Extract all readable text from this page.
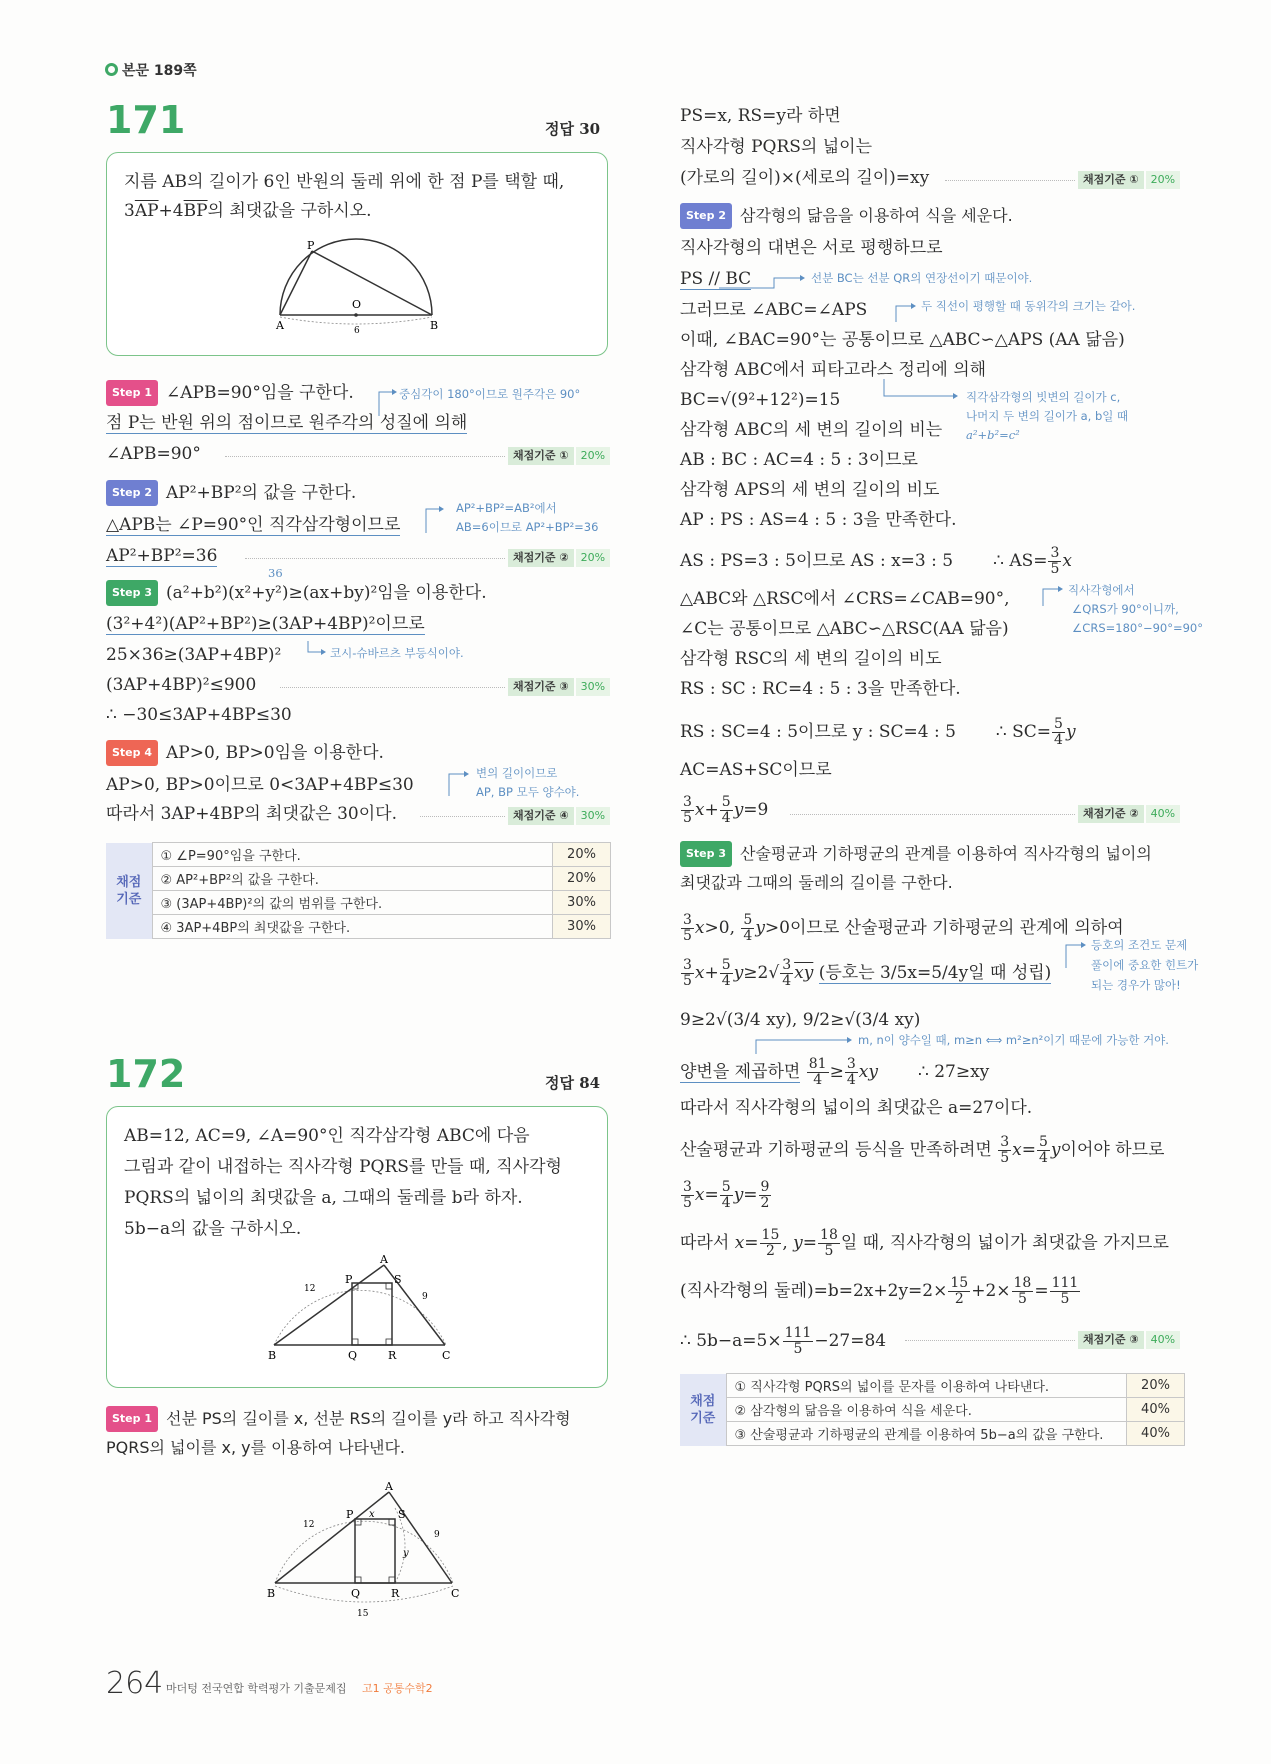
본문 189쪽
171	정답 30
지름 AB의 길이가 6인 반원의 둘레 위에 한 점 P를 택할 때,
$3\overline{AP}+4\overline{BP}$의 최댓값을 구하시오.
P
O
A	B
6
Step 1 ∠APB=90°임을 구한다.	중심각이 180°이므로 원주각은 90°
점 P는 반원 위의 점이므로 원주각의 성질에 의해
∠APB=90°	채점기준 ① 20%
Step 2 AP²+BP²의 값을 구한다.
△APB는 ∠P=90°인 직각삼각형이므로
AP²+BP²=AB²에서
AB=6이므로 AP²+BP²=36
AP²+BP²=36	채점기준 ② 20%
36
Step 3 (a²+b²)(x²+y²)≥(ax+by)²임을 이용한다.
(3²+4²)(AP²+BP²)≥(3AP+4BP)²이므로
25×36≥(3AP+4BP)²	코시-슈바르츠 부등식이야.
(3AP+4BP)²≤900	채점기준 ③ 30%
∴ −30≤3AP+4BP≤30
Step 4 AP>0, BP>0임을 이용한다.
AP>0, BP>0이므로 0<3AP+4BP≤30
변의 길이이므로
AP, BP 모두 양수야.
따라서 3AP+4BP의 최댓값은 30이다.	채점기준 ④ 30%
채점 기준	① ∠P=90°임을 구한다.	20%
	② AP²+BP²의 값을 구한다.	20%
	③ (3AP+4BP)²의 값의 범위를 구한다.	30%
	④ 3AP+4BP의 최댓값을 구한다.	30%
172	정답 84
AB=12, AC=9, ∠A=90°인 직각삼각형 ABC에 다음
그림과 같이 내접하는 직사각형 PQRS를 만들 때, 직사각형
PQRS의 넓이의 최댓값을 a, 그때의 둘레를 b라 하자.
5b−a의 값을 구하시오.
A
P	S
B	Q	R	C
12
9
Step 1 선분 PS의 길이를 x, 선분 RS의 길이를 y라 하고 직사각형
PQRS의 넓이를 x, y를 이용하여 나타낸다.
A
P x S
12
9
y
B	Q	R	C
15
PS=x, RS=y라 하면
직사각형 PQRS의 넓이는
(가로의 길이)×(세로의 길이)=xy	채점기준 ① 20%
Step 2 삼각형의 닮음을 이용하여 식을 세운다.
직사각형의 대변은 서로 평행하므로
PS // BC	선분 BC는 선분 QR의 연장선이기 때문이야.
그러므로 ∠ABC=∠APS	두 직선이 평행할 때 동위각의 크기는 같아.
이때, ∠BAC=90°는 공통이므로 △ABC∽△APS (AA 닮음)
삼각형 ABC에서 피타고라스 정리에 의해
BC=√(9²+12²)=15	직각삼각형의 빗변의 길이가 c,
나머지 두 변의 길이가 a, b일 때
a²+b²=c²
삼각형 ABC의 세 변의 길이의 비는
AB : BC : AC=4 : 5 : 3이므로
삼각형 APS의 세 변의 길이의 비도
AP : PS : AS=4 : 5 : 3을 만족한다.
AS : PS=3 : 5이므로 AS : x=3 : 5 ∴ $AS= \frac{3}{5}$ x
△ABC와 △RSC에서 ∠CRS=∠CAB=90°,	직사각형에서
∠QRS가 90°이니까,
∠CRS=180°−90°=90°
∠C는 공통이므로 △ABC∽△RSC(AA 닮음)
삼각형 RSC의 세 변의 길이의 비도
RS : SC : RC=4 : 5 : 3을 만족한다.
RS : SC=4 : 5이므로 y : SC=4 : 5 ∴ $SC= \frac{5}{4}$ y
AC=AS+SC이므로
$\frac{3}{5} x+ \frac{5}{4} y=9$	채점기준 ② 40%
Step 3 산술평균과 기하평균의 관계를 이용하여 직사각형의 넓이의
최댓값과 그때의 둘레의 길이를 구한다.
$\frac{3}{5} x>0$, $\frac{5}{4} y>0$이므로 산술평균과 기하평균의 관계에 의하여
$\frac{3}{5} x+ \frac{5}{4} y\ge 2√ \frac{3}{4}$ xy (등호는 3/5x=5/4y일 때 성립)
등호의 조건도 문제
풀이에 중요한 힌트가
되는 경우가 많아!
9≥2√(3/4 xy), 9/2≥√(3/4 xy)
m, n이 양수일 때, m≥n ⟺ m²≥n²이기 때문에 가능한 거야.
양변을 제곱하면 $\frac{81}{4} \ge \frac{3}{4}$ xy ∴ 27≥xy
따라서 직사각형의 넓이의 최댓값은 a=27이다.
산술평균과 기하평균의 등식을 만족하려면 $\frac{3}{5} x= \frac{5}{4}$ y이어야 하므로
$\frac{3}{5} x= \frac{5}{4} y= \frac{9}{2}$
따라서 $x= \frac{15}{2}$ , $y= \frac{18}{5}$ 일 때, 직사각형의 넓이가 최댓값을 가지므로
(직사각형의 둘레)$=b=2x+2y=2\times \frac{15}{2} +2\times \frac{18}{5} = \frac{111}{5}$
∴ $5b-a=5\times \frac{111}{5} -27=84$	채점기준 ③ 40%
채점 기준	① 직사각형 PQRS의 넓이를 문자를 이용하여 나타낸다.	20%
	② 삼각형의 닮음을 이용하여 식을 세운다.	40%
	③ 산술평균과 기하평균의 관계를 이용하여 5b−a의 값을 구한다.	40%
264 마더텅 전국연합 학력평가 기출문제집 고1 공통수학2
